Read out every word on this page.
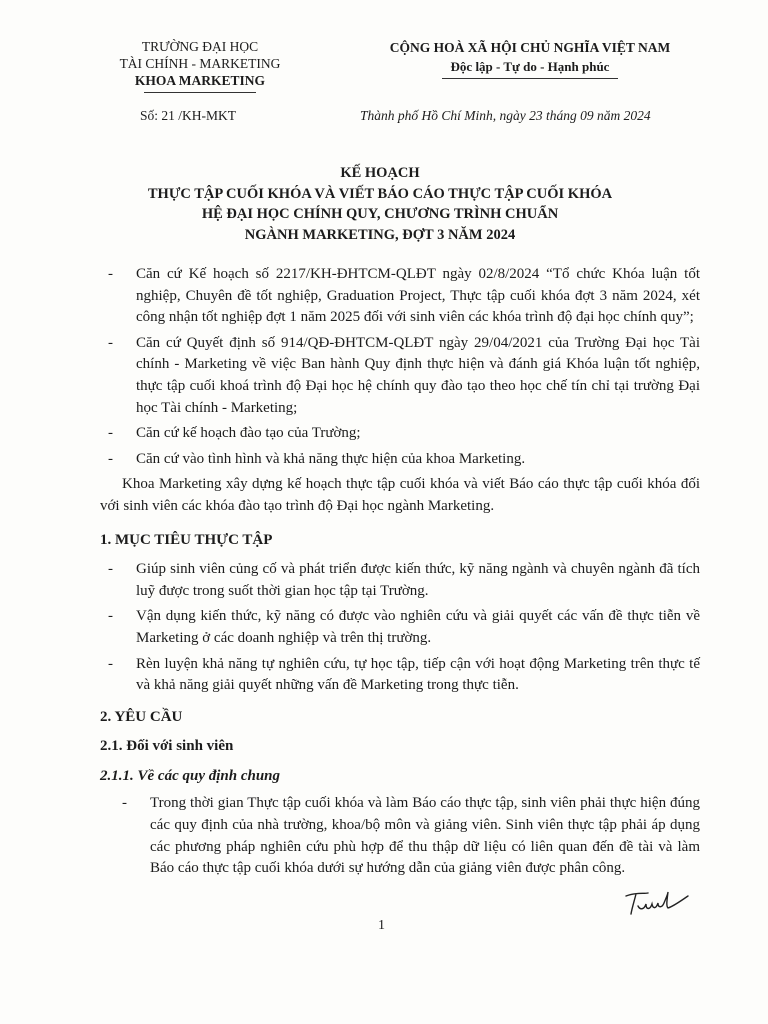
TRƯỜNG ĐẠI HỌC
TÀI CHÍNH - MARKETING
KHOA MARKETING
CỘNG HOÀ XÃ HỘI CHỦ NGHĨA VIỆT NAM
Độc lập - Tự do - Hạnh phúc
Số: 21 /KH-MKT	Thành phố Hồ Chí Minh, ngày 23 tháng 09 năm 2024
KẾ HOẠCH
THỰC TẬP CUỐI KHÓA VÀ VIẾT BÁO CÁO THỰC TẬP CUỐI KHÓA
HỆ ĐẠI HỌC CHÍNH QUY, CHƯƠNG TRÌNH CHUẨN
NGÀNH MARKETING, ĐỢT 3 NĂM 2024
- Căn cứ Kế hoạch số 2217/KH-ĐHTCM-QLĐT ngày 02/8/2024 “Tổ chức Khóa luận tốt nghiệp, Chuyên đề tốt nghiệp, Graduation Project, Thực tập cuối khóa đợt 3 năm 2024, xét công nhận tốt nghiệp đợt 1 năm 2025 đối với sinh viên các khóa trình độ đại học chính quy”;
- Căn cứ Quyết định số 914/QĐ-ĐHTCM-QLĐT ngày 29/04/2021 của Trường Đại học Tài chính - Marketing về việc Ban hành Quy định thực hiện và đánh giá Khóa luận tốt nghiệp, thực tập cuối khoá trình độ Đại học hệ chính quy đào tạo theo học chế tín chỉ tại trường Đại học Tài chính - Marketing;
- Căn cứ kế hoạch đào tạo của Trường;
- Căn cứ vào tình hình và khả năng thực hiện của khoa Marketing.
Khoa Marketing xây dựng kế hoạch thực tập cuối khóa và viết Báo cáo thực tập cuối khóa đối với sinh viên các khóa đào tạo trình độ Đại học ngành Marketing.
1. MỤC TIÊU THỰC TẬP
- Giúp sinh viên củng cố và phát triển được kiến thức, kỹ năng ngành và chuyên ngành đã tích luỹ được trong suốt thời gian học tập tại Trường.
- Vận dụng kiến thức, kỹ năng có được vào nghiên cứu và giải quyết các vấn đề thực tiễn về Marketing ở các doanh nghiệp và trên thị trường.
- Rèn luyện khả năng tự nghiên cứu, tự học tập, tiếp cận với hoạt động Marketing trên thực tế và khả năng giải quyết những vấn đề Marketing trong thực tiễn.
2. YÊU CẦU
2.1. Đối với sinh viên
2.1.1. Về các quy định chung
- Trong thời gian Thực tập cuối khóa và làm Báo cáo thực tập, sinh viên phải thực hiện đúng các quy định của nhà trường, khoa/bộ môn và giảng viên. Sinh viên thực tập phải áp dụng các phương pháp nghiên cứu phù hợp để thu thập dữ liệu có liên quan đến đề tài và làm Báo cáo thực tập cuối khóa dưới sự hướng dẫn của giảng viên được phân công.
1
